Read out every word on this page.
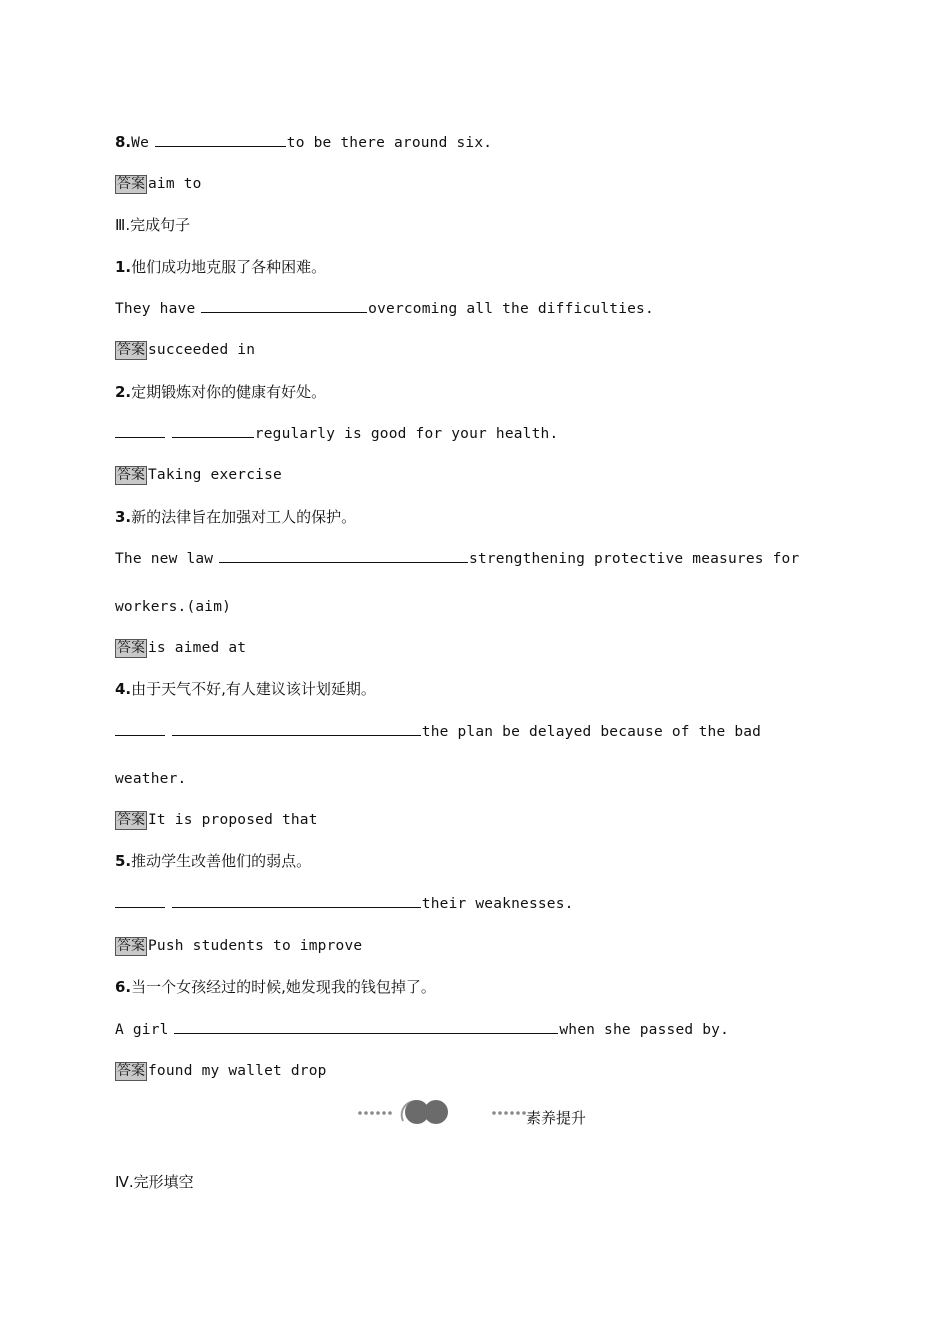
8.We	to be there around six.
答案 aim to
Ⅲ.完成句子
1.他们成功地克服了各种困难。
They have	overcoming all the difficulties.
答案 succeeded in
2.定期锻炼对你的健康有好处。
regularly is good for your health.
答案 Taking exercise
3.新的法律旨在加强对工人的保护。
The new law	strengthening protective measures for
workers.(aim)
答案 is aimed at
4.由于天气不好,有人建议该计划延期。
the plan be delayed because of the bad
weather.
答案 It is proposed that
5.推动学生改善他们的弱点。
their weaknesses.
答案 Push students to improve
6.当一个女孩经过的时候,她发现我的钱包掉了。
A girl	when she passed by.
答案 found my wallet drop
素养提升
Ⅳ.完形填空
